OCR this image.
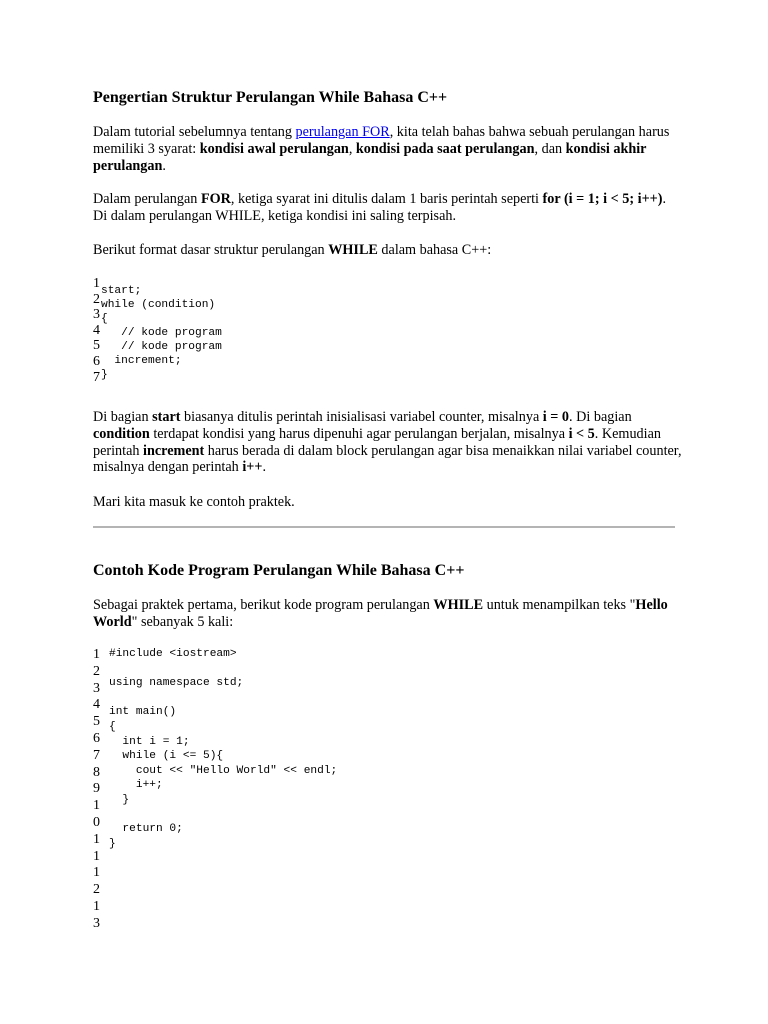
Pengertian Struktur Perulangan While Bahasa C++

Dalam tutorial sebelumnya tentang perulangan FOR, kita telah bahas bahwa sebuah perulangan harus memiliki 3 syarat: kondisi awal perulangan, kondisi pada saat perulangan, dan kondisi akhir perulangan.

Dalam perulangan FOR, ketiga syarat ini ditulis dalam 1 baris perintah seperti for (i = 1; i < 5; i++). Di dalam perulangan WHILE, ketiga kondisi ini saling terpisah.

Berikut format dasar struktur perulangan WHILE dalam bahasa C++:

1
2
3
4
5
6
7
start;
while (condition)
{
// kode program
// kode program
increment;
}

Di bagian start biasanya ditulis perintah inisialisasi variabel counter, misalnya i = 0. Di bagian condition terdapat kondisi yang harus dipenuhi agar perulangan berjalan, misalnya i < 5. Kemudian perintah increment harus berada di dalam block perulangan agar bisa menaikkan nilai variabel counter, misalnya dengan perintah i++.

Mari kita masuk ke contoh praktek.

Contoh Kode Program Perulangan While Bahasa C++

Sebagai praktek pertama, berikut kode program perulangan WHILE untuk menampilkan teks "Hello World" sebanyak 5 kali:

1
2
3
4
5
6
7
8
9
1
0
1
1
1
2
1
3
#include <iostream>

using namespace std;

int main()
{
int i = 1;
while (i <= 5){
cout << "Hello World" << endl;
i++;
}

return 0;
}
